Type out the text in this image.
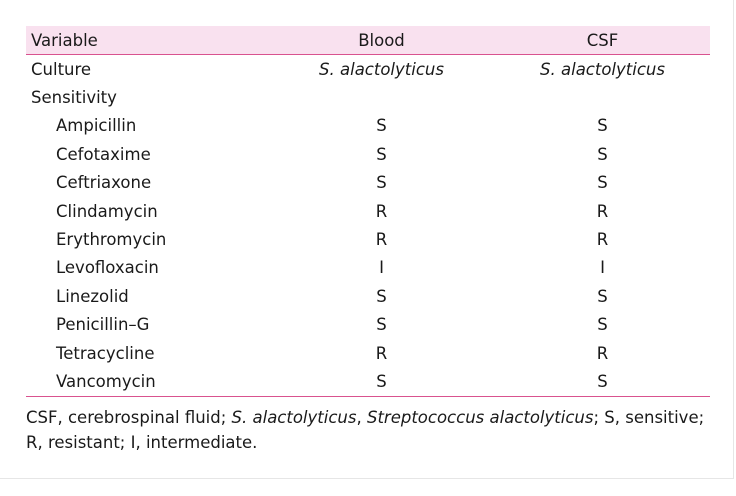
Variable	Blood	CSF
Culture	S. alactolyticus	S. alactolyticus
Sensitivity		
Ampicillin	S	S
Cefotaxime	S	S
Ceftriaxone	S	S
Clindamycin	R	R
Erythromycin	R	R
Levofloxacin	I	I
Linezolid	S	S
Penicillin–G	S	S
Tetracycline	R	R
Vancomycin	S	S
CSF, cerebrospinal fluid; S. alactolyticus, Streptococcus alactolyticus; S, sensitive; R, resistant; I, intermediate.
